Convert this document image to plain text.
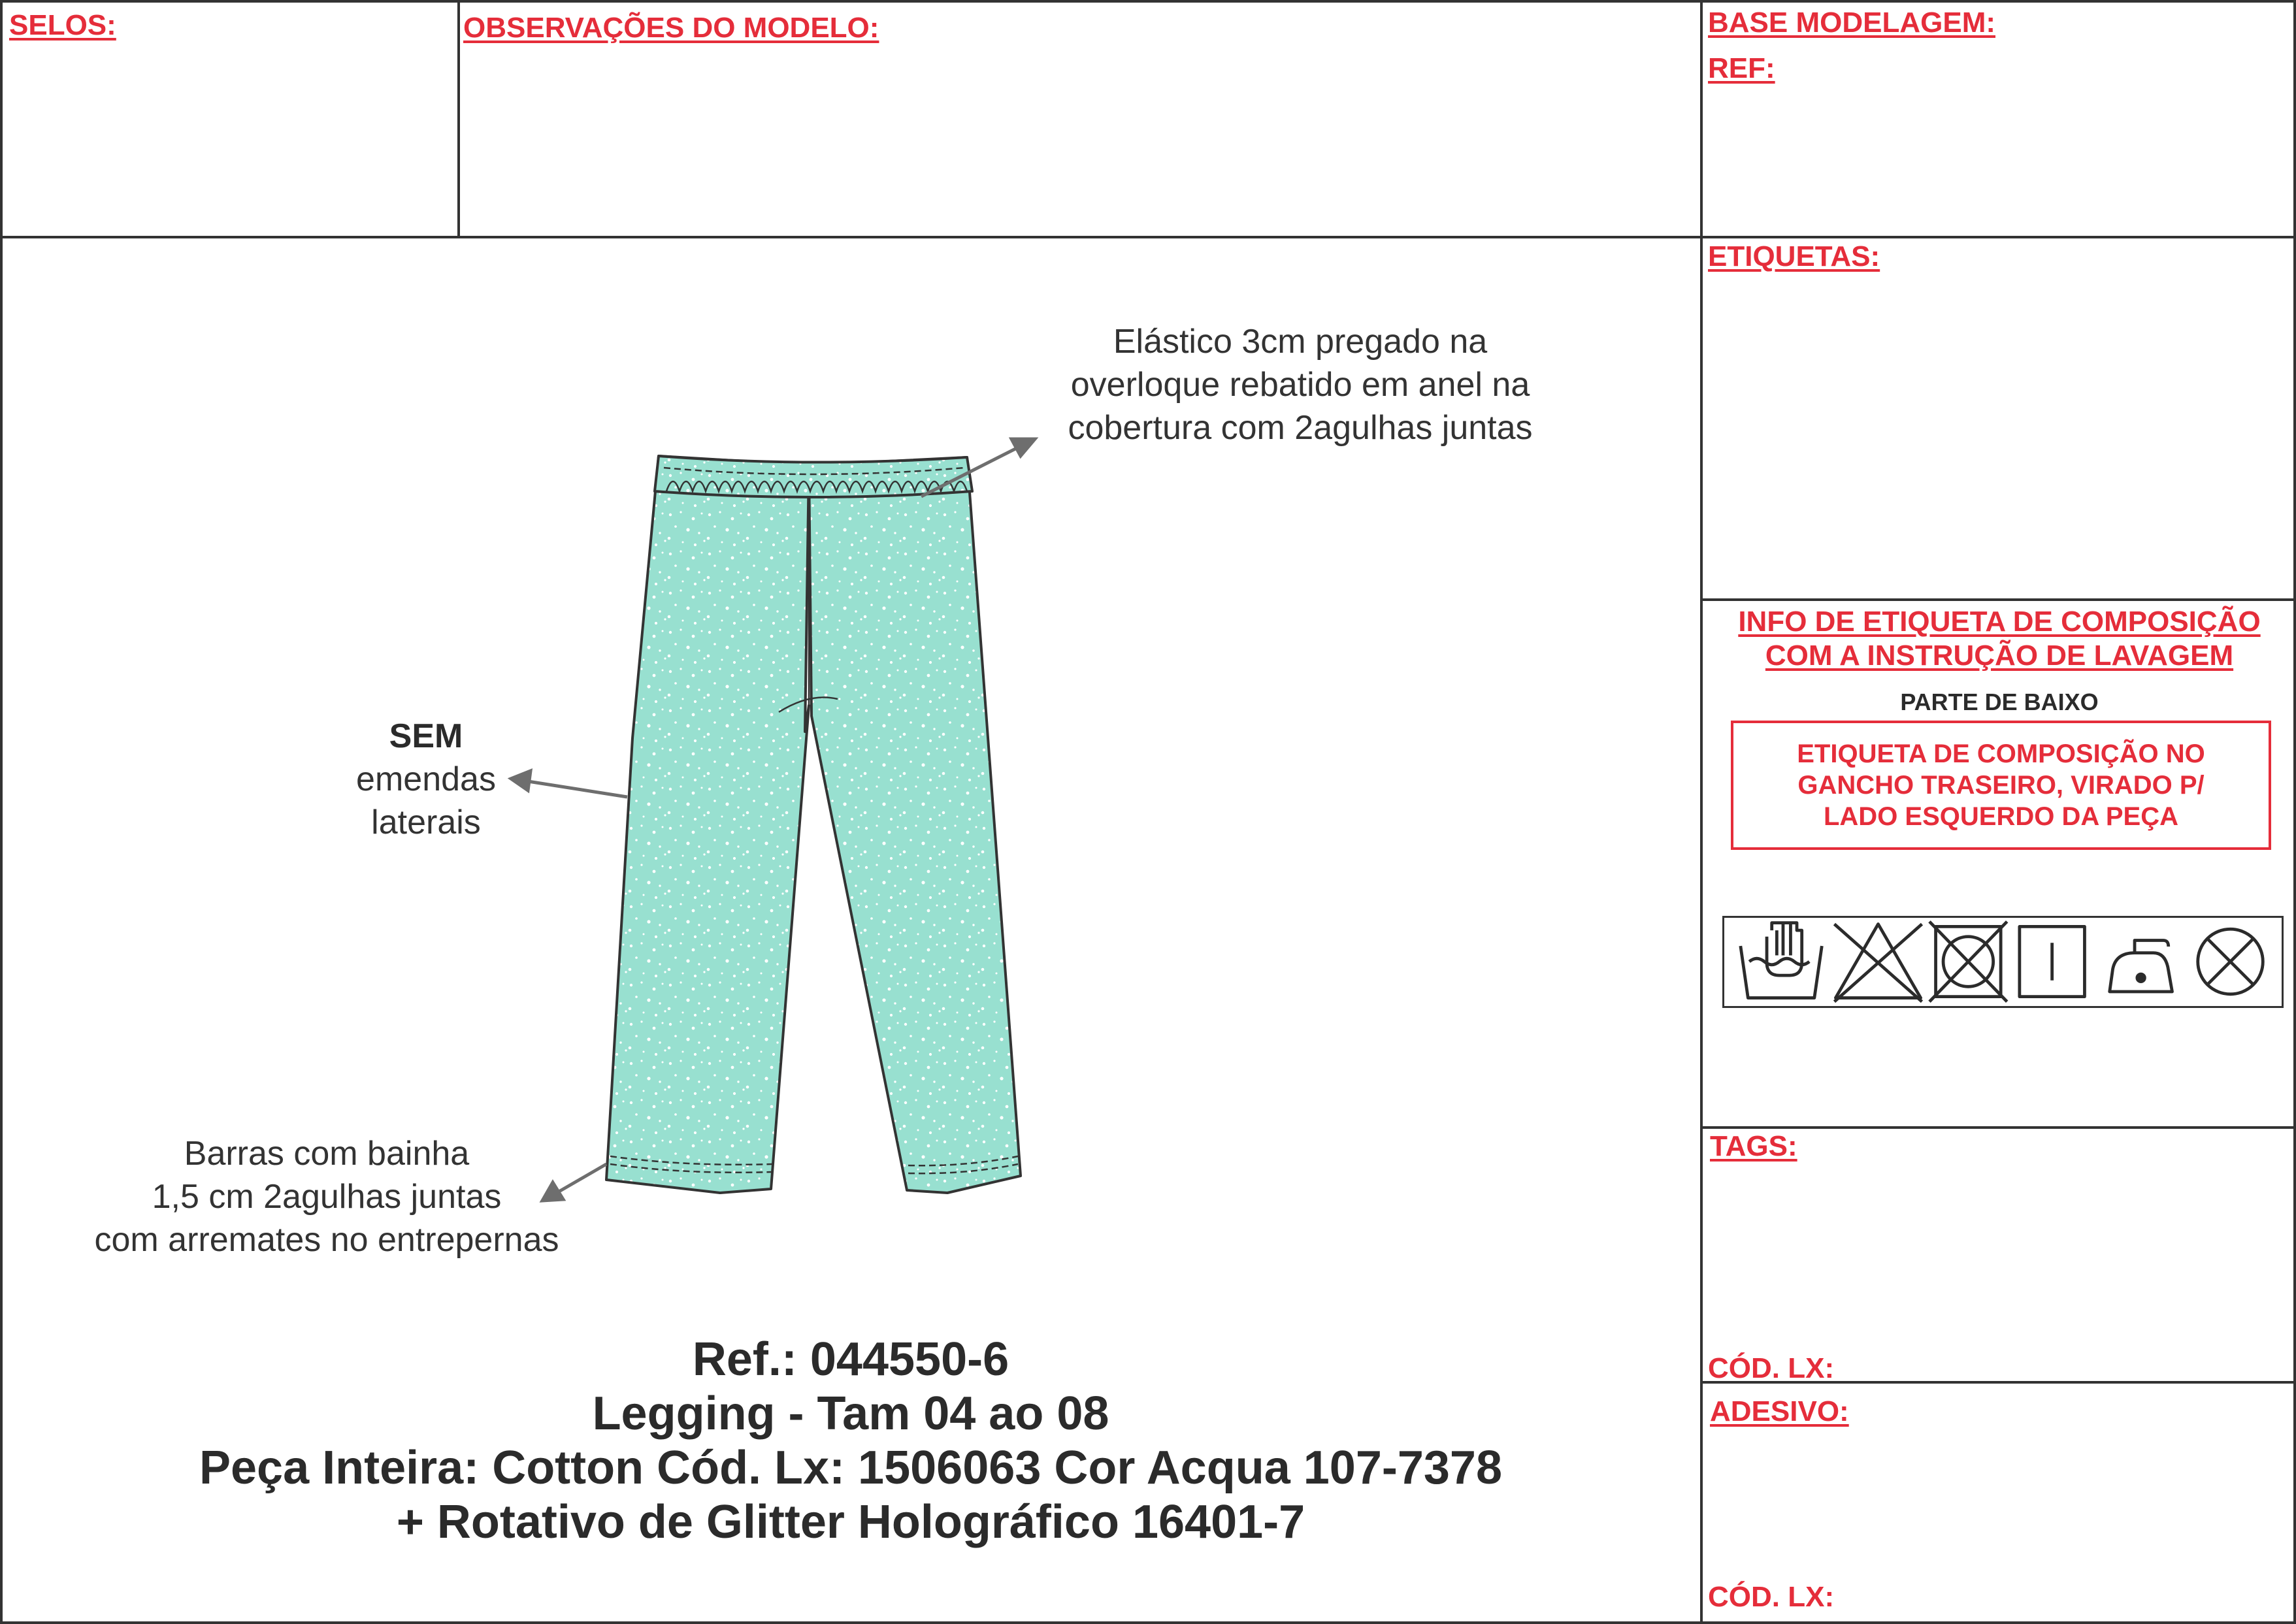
SELOS:	OBSERVAÇÕES DO MODELO:	BASE MODELAGEM:
REF:
ETIQUETAS:
TAGS:
CÓD. LX:
ADESIVO:
CÓD. LX:
INFO DE ETIQUETA DE COMPOSIÇÃO
COM A INSTRUÇÃO DE LAVAGEM
PARTE DE BAIXO
ETIQUETA DE COMPOSIÇÃO NO
GANCHO TRASEIRO, VIRADO P/
LADO ESQUERDO DA PEÇA
Elástico 3cm pregado na
overloque rebatido em anel na
cobertura com 2agulhas juntas
SEM
emendas
laterais
Barras com bainha
1,5 cm 2agulhas juntas
com arremates no entrepernas
Ref.: 044550-6
Legging - Tam 04 ao 08
Peça Inteira: Cotton Cód. Lx: 1506063 Cor Acqua 107-7378
+ Rotativo de Glitter Holográfico 16401-7
